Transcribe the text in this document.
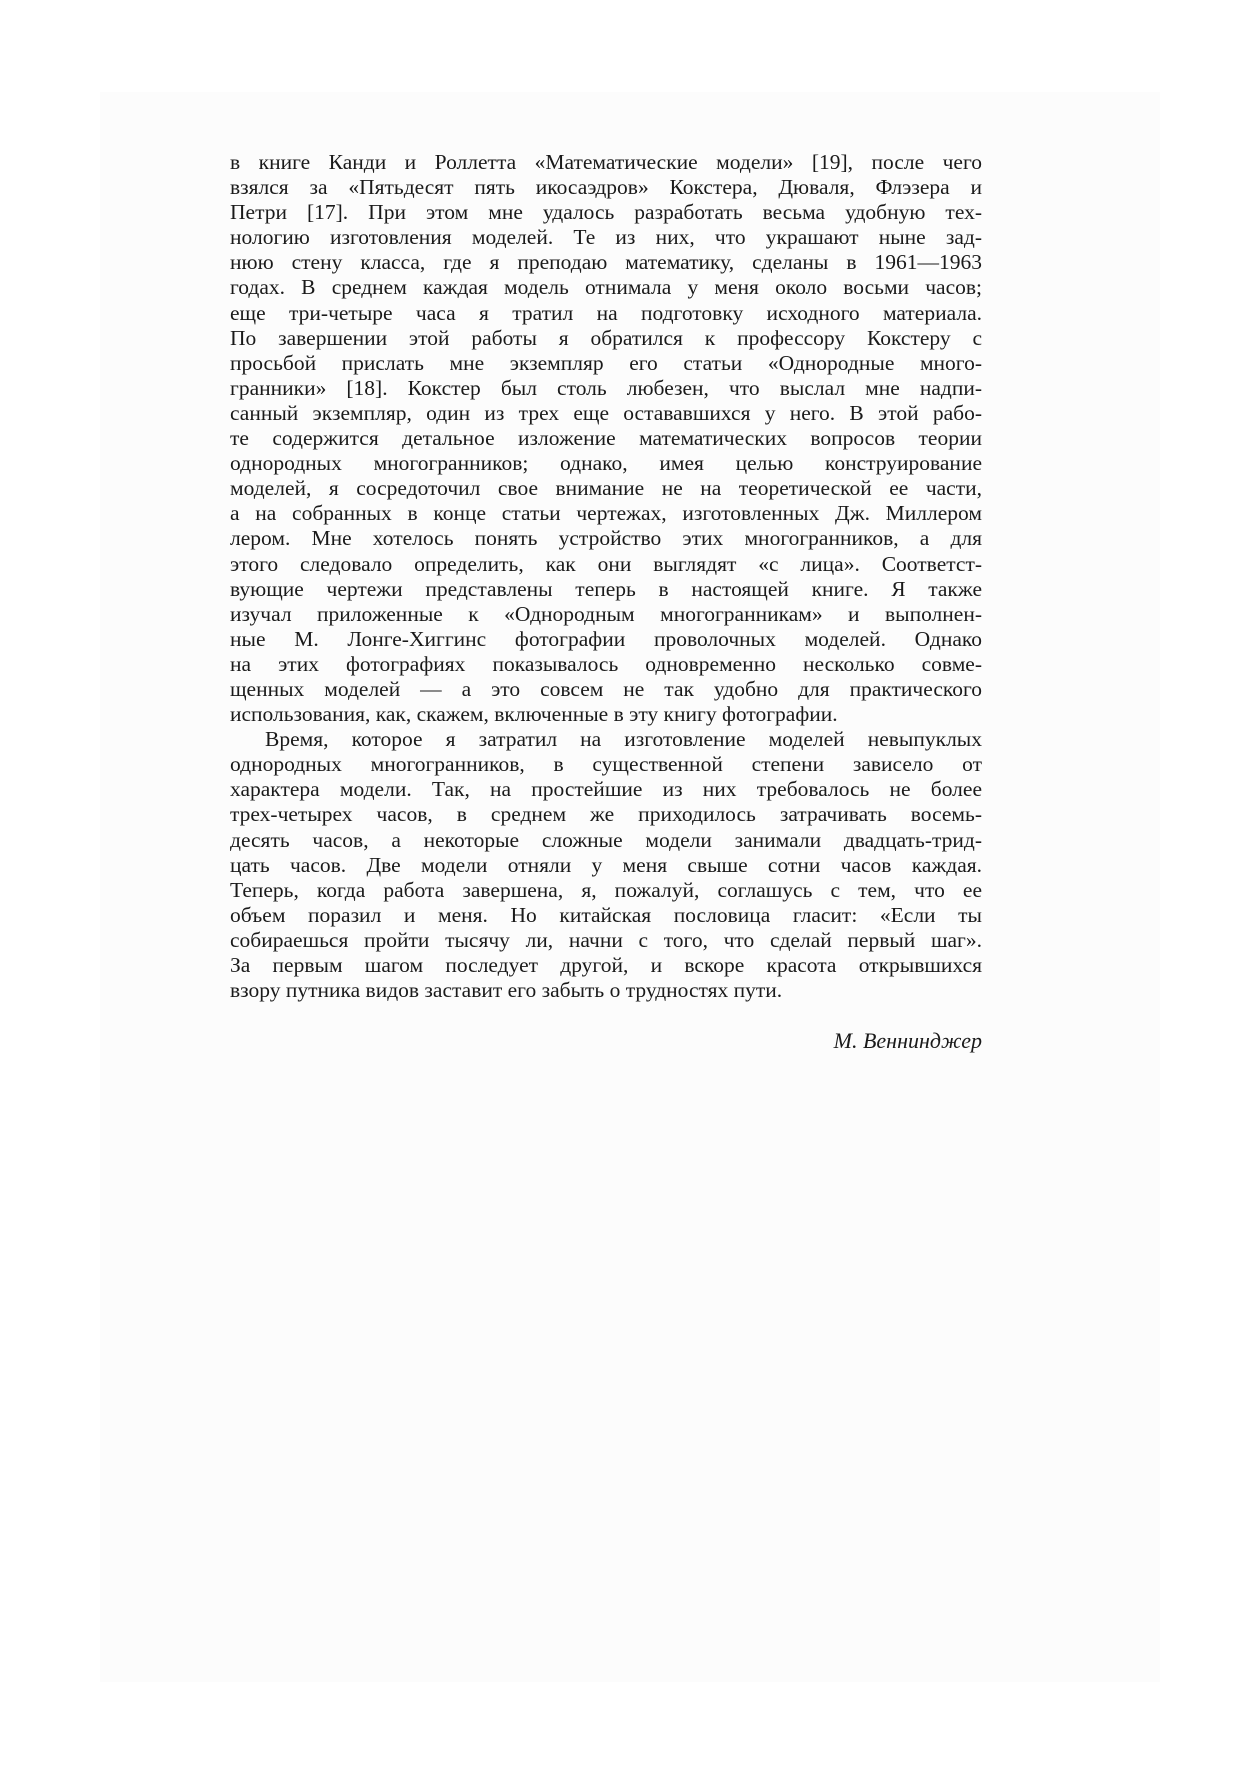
в книге Канди и Роллетта «Математические модели» [19], после чего
взялся за «Пятьдесят пять икосаэдров» Кокстера, Дюваля, Флэзера и
Петри [17]. При этом мне удалось разработать весьма удобную тех-
нологию изготовления моделей. Те из них, что украшают ныне зад-
нюю стену класса, где я преподаю математику, сделаны в 1961—1963
годах. В среднем каждая модель отнимала у меня около восьми часов;
еще три-четыре часа я тратил на подготовку исходного материала.
По завершении этой работы я обратился к профессору Кокстеру с
просьбой прислать мне экземпляр его статьи «Однородные много-
гранники» [18]. Кокстер был столь любезен, что выслал мне надпи-
санный экземпляр, один из трех еще остававшихся у него. В этой рабо-
те содержится детальное изложение математических вопросов теории
однородных многогранников; однако, имея целью конструирование
моделей, я сосредоточил свое внимание не на теоретической ее части,
а на собранных в конце статьи чертежах, изготовленных Дж. Миллером
лером. Мне хотелось понять устройство этих многогранников, а для
этого следовало определить, как они выглядят «с лица». Соответст-
вующие чертежи представлены теперь в настоящей книге. Я также
изучал приложенные к «Однородным многогранникам» и выполнен-
ные М. Лонге-Хиггинс фотографии проволочных моделей. Однако
на этих фотографиях показывалось одновременно несколько совме-
щенных моделей — а это совсем не так удобно для практического
использования, как, скажем, включенные в эту книгу фотографии.
Время, которое я затратил на изготовление моделей невыпуклых
однородных многогранников, в существенной степени зависело от
характера модели. Так, на простейшие из них требовалось не более
трех-четырех часов, в среднем же приходилось затрачивать восемь-
десять часов, а некоторые сложные модели занимали двадцать-трид-
цать часов. Две модели отняли у меня свыше сотни часов каждая.
Теперь, когда работа завершена, я, пожалуй, соглашусь с тем, что ее
объем поразил и меня. Но китайская пословица гласит: «Если ты
собираешься пройти тысячу ли, начни с того, что сделай первый шаг».
За первым шагом последует другой, и вскоре красота открывшихся
взору путника видов заставит его забыть о трудностях пути.
М. Веннинджер
